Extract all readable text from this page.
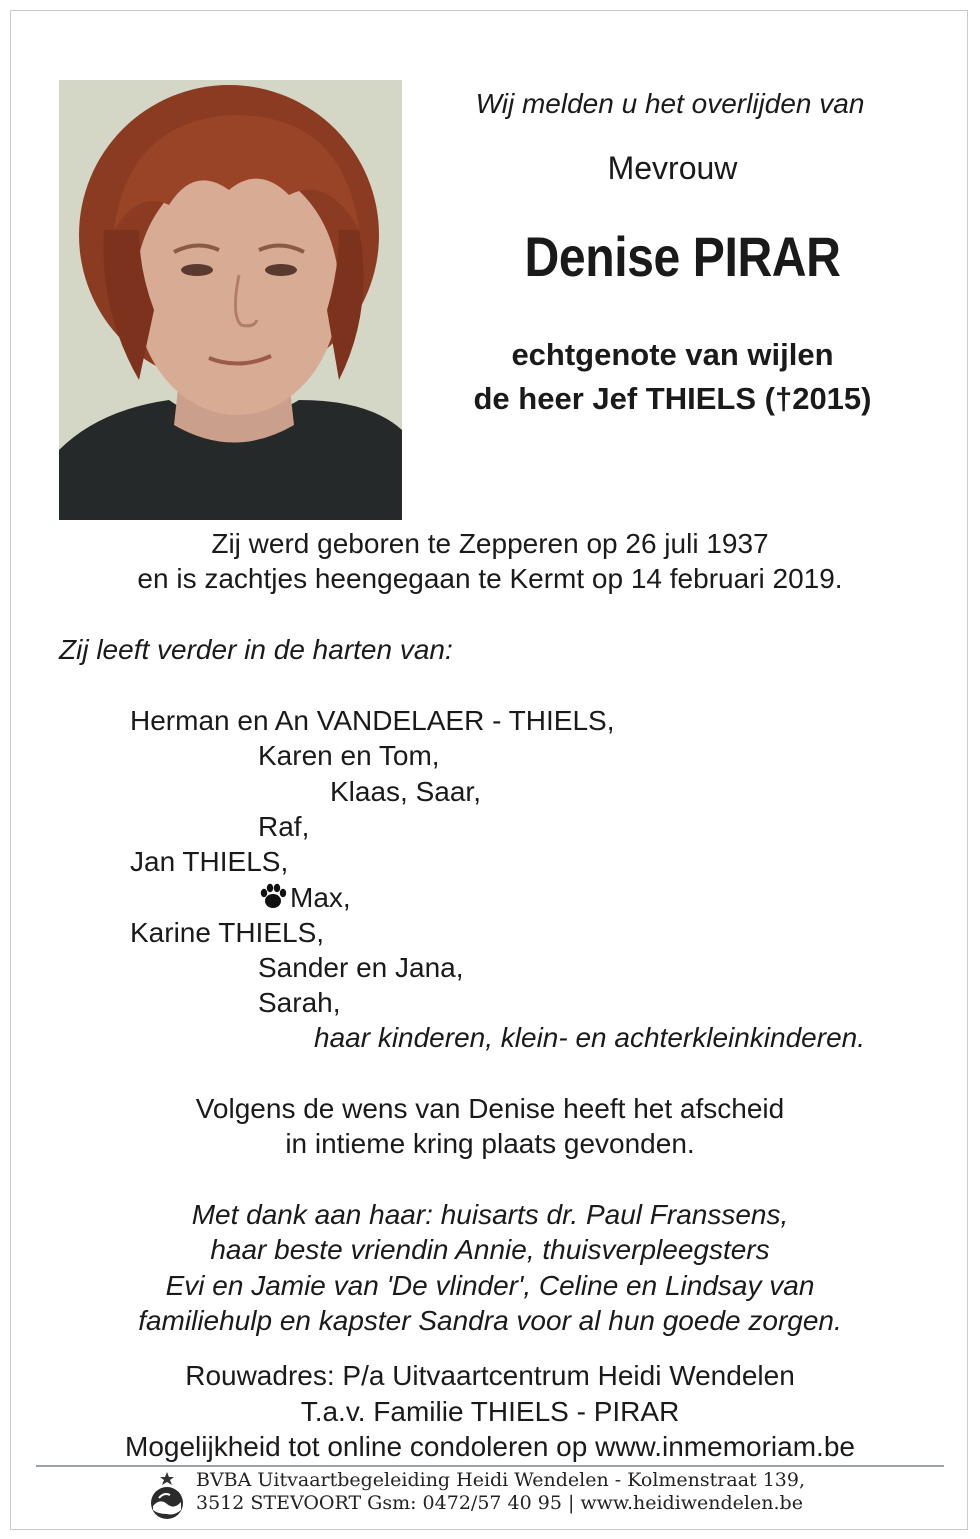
Wij melden u het overlijden van
Mevrouw
Denise PIRAR
echtgenote van wijlen
de heer Jef THIELS (†2015)
Zij werd geboren te Zepperen op 26 juli 1937
en is zachtjes heengegaan te Kermt op 14 februari 2019.
Zij leeft verder in de harten van:
Herman en An VANDELAER - THIELS,
Karen en Tom,
Klaas, Saar,
Raf,
Jan THIELS,
Max,
Karine THIELS,
Sander en Jana,
Sarah,
haar kinderen, klein- en achterkleinkinderen.
Volgens de wens van Denise heeft het afscheid
in intieme kring plaats gevonden.
Met dank aan haar: huisarts dr. Paul Franssens,
haar beste vriendin Annie, thuisverpleegsters
Evi en Jamie van 'De vlinder', Celine en Lindsay van
familiehulp en kapster Sandra voor al hun goede zorgen.
Rouwadres: P/a Uitvaartcentrum Heidi Wendelen
T.a.v. Familie THIELS - PIRAR
Mogelijkheid tot online condoleren op www.inmemoriam.be
BVBA Uitvaartbegeleiding Heidi Wendelen - Kolmenstraat 139,
3512 STEVOORT Gsm: 0472/57 40 95 | www.heidiwendelen.be
